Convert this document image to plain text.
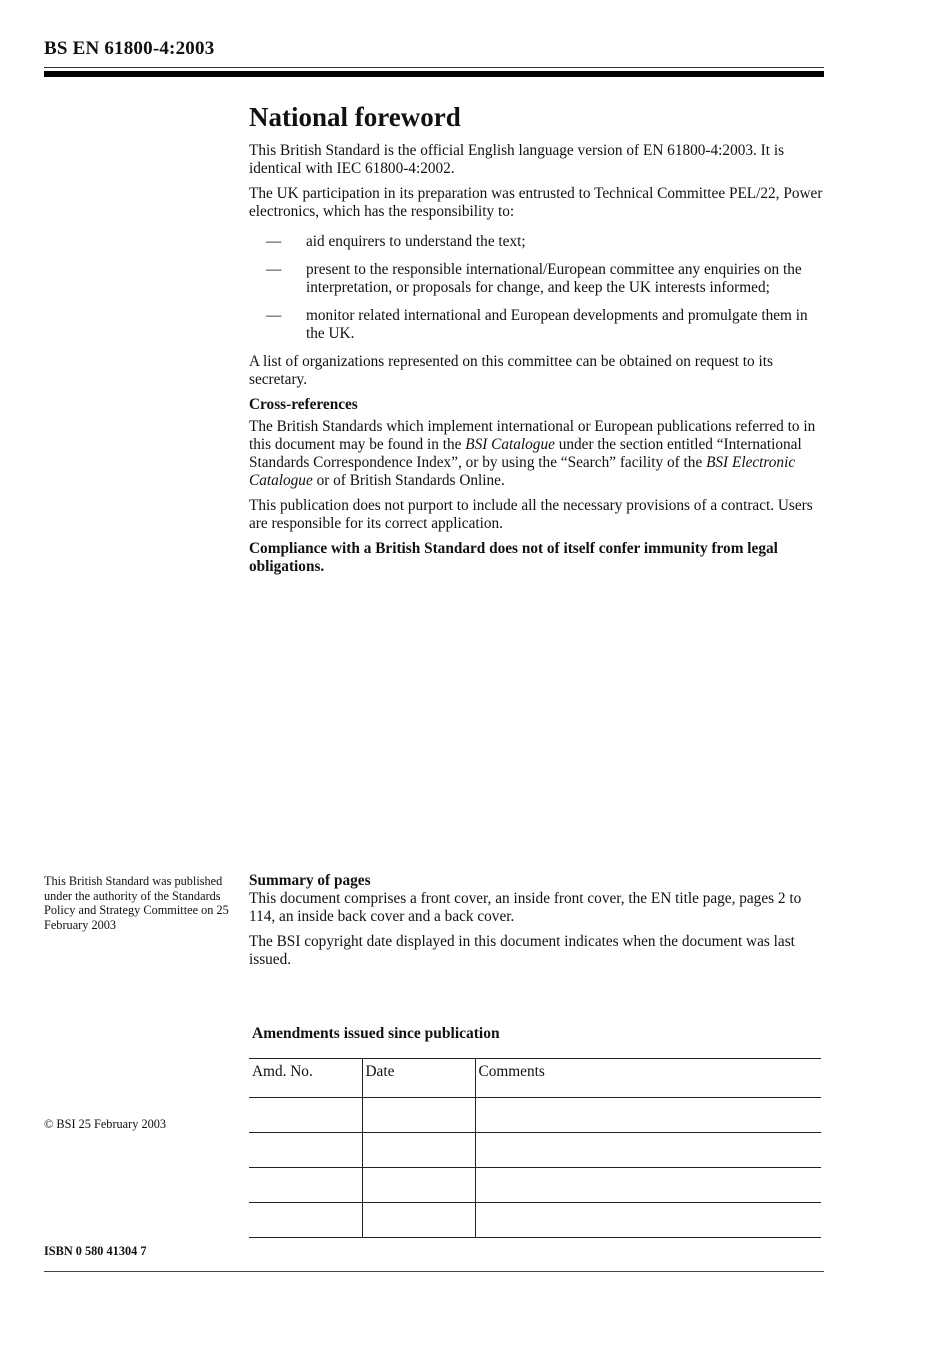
BS EN 61800-4:2003
National foreword

This British Standard is the official English language version of EN 61800-4:2003. It is identical with IEC 61800-4:2002.

The UK participation in its preparation was entrusted to Technical Committee PEL/22, Power electronics, which has the responsibility to:

— aid enquirers to understand the text;
— present to the responsible international/European committee any enquiries on the interpretation, or proposals for change, and keep the UK interests informed;
— monitor related international and European developments and promulgate them in the UK.

A list of organizations represented on this committee can be obtained on request to its secretary.

Cross-references

The British Standards which implement international or European publications referred to in this document may be found in the BSI Catalogue under the section entitled “International Standards Correspondence Index”, or by using the “Search” facility of the BSI Electronic Catalogue or of British Standards Online.

This publication does not purport to include all the necessary provisions of a contract. Users are responsible for its correct application.

Compliance with a British Standard does not of itself confer immunity from legal obligations.

This British Standard was published under the authority of the Standards Policy and Strategy Committee on 25 February 2003
Summary of pages

This document comprises a front cover, an inside front cover, the EN title page, pages 2 to 114, an inside back cover and a back cover.

The BSI copyright date displayed in this document indicates when the document was last issued.

Amendments issued since publication
Amd. No.	Date	Comments

© BSI 25 February 2003
ISBN 0 580 41304 7
